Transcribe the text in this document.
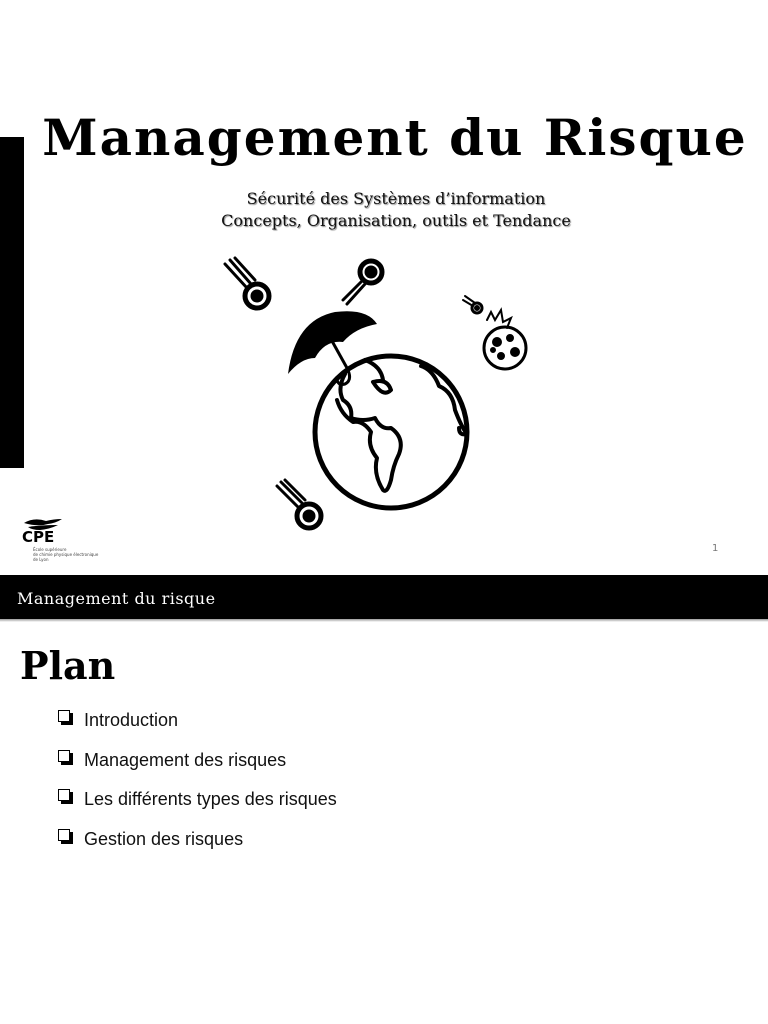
Management du Risque
Sécurité des Systèmes d’information
Concepts, Organisation, outils et Tendance
CPE
École supérieure
de chimie physique électronique
de Lyon
1
Management du risque
Plan
Introduction
Management des risques
Les différents types des risques
Gestion des risques
